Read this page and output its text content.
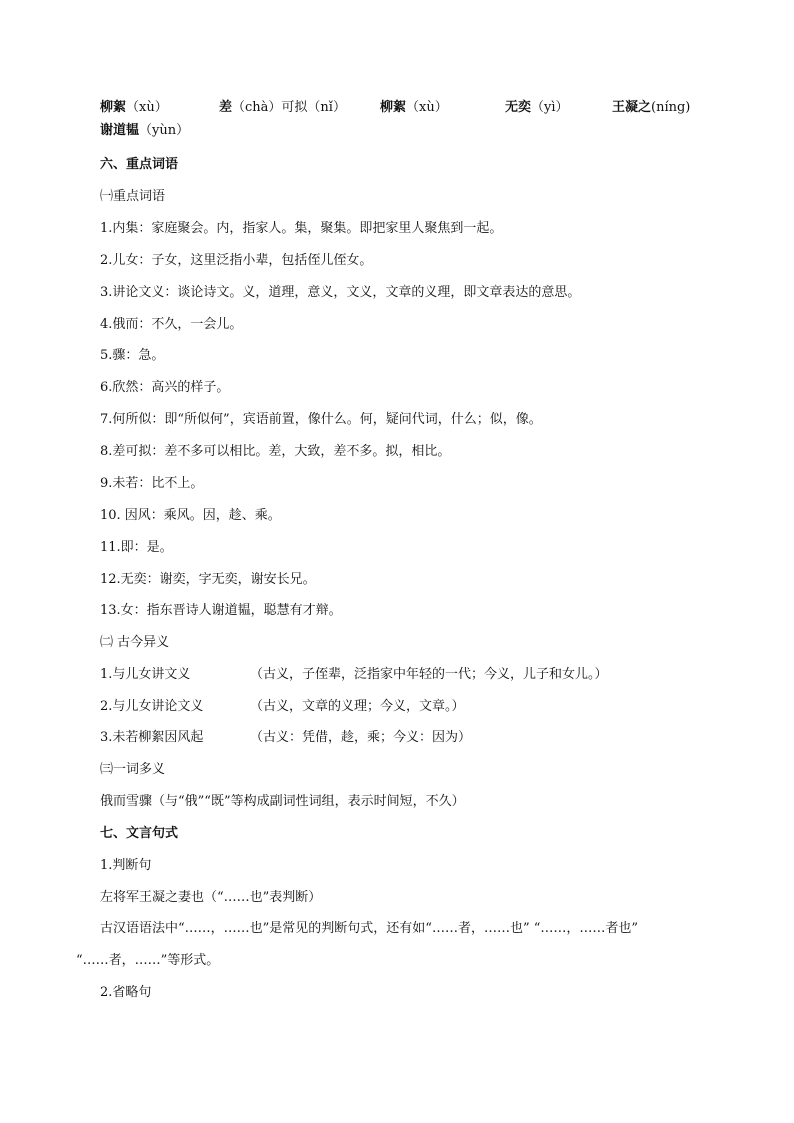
柳絮（xù）	差（chà）可拟（nǐ）	柳絮（xù）	无奕（yì）	王凝之(níng)
谢道韫（yùn）
六、重点词语
㈠重点词语
1.内集：家庭聚会。内，指家人。集，聚集。即把家里人聚焦到一起。
2.儿女：子女，这里泛指小辈，包括侄儿侄女。
3.讲论文义：谈论诗文。义，道理，意义，文义，文章的义理，即文章表达的意思。
4.俄而：不久，一会儿。
5.骤：急。
6.欣然：高兴的样子。
7.何所似：即“所似何”，宾语前置，像什么。何，疑问代词，什么；似，像。
8.差可拟：差不多可以相比。差，大致，差不多。拟，相比。
9.未若：比不上。
10. 因风：乘风。因，趁、乘。
11.即：是。
12.无奕：谢奕，字无奕，谢安长兄。
13.女：指东晋诗人谢道韫，聪慧有才辩。
㈡ 古今异义
1.与儿女讲文义	（古义，子侄辈，泛指家中年轻的一代；今义，儿子和女儿。）
2.与儿女讲论文义	（古义，文章的义理；今义，文章。）
3.未若柳絮因风起	（古义：凭借，趁，乘；今义：因为）
㈢一词多义
俄而雪骤（与“俄”“既”等构成副词性词组，表示时间短，不久）
七、文言句式
1.判断句
左将军王凝之妻也（“……也”表判断）
古汉语语法中“……，……也”是常见的判断句式，还有如“……者，……也” “……，……者也”
“……者，……”等形式。
2.省略句
